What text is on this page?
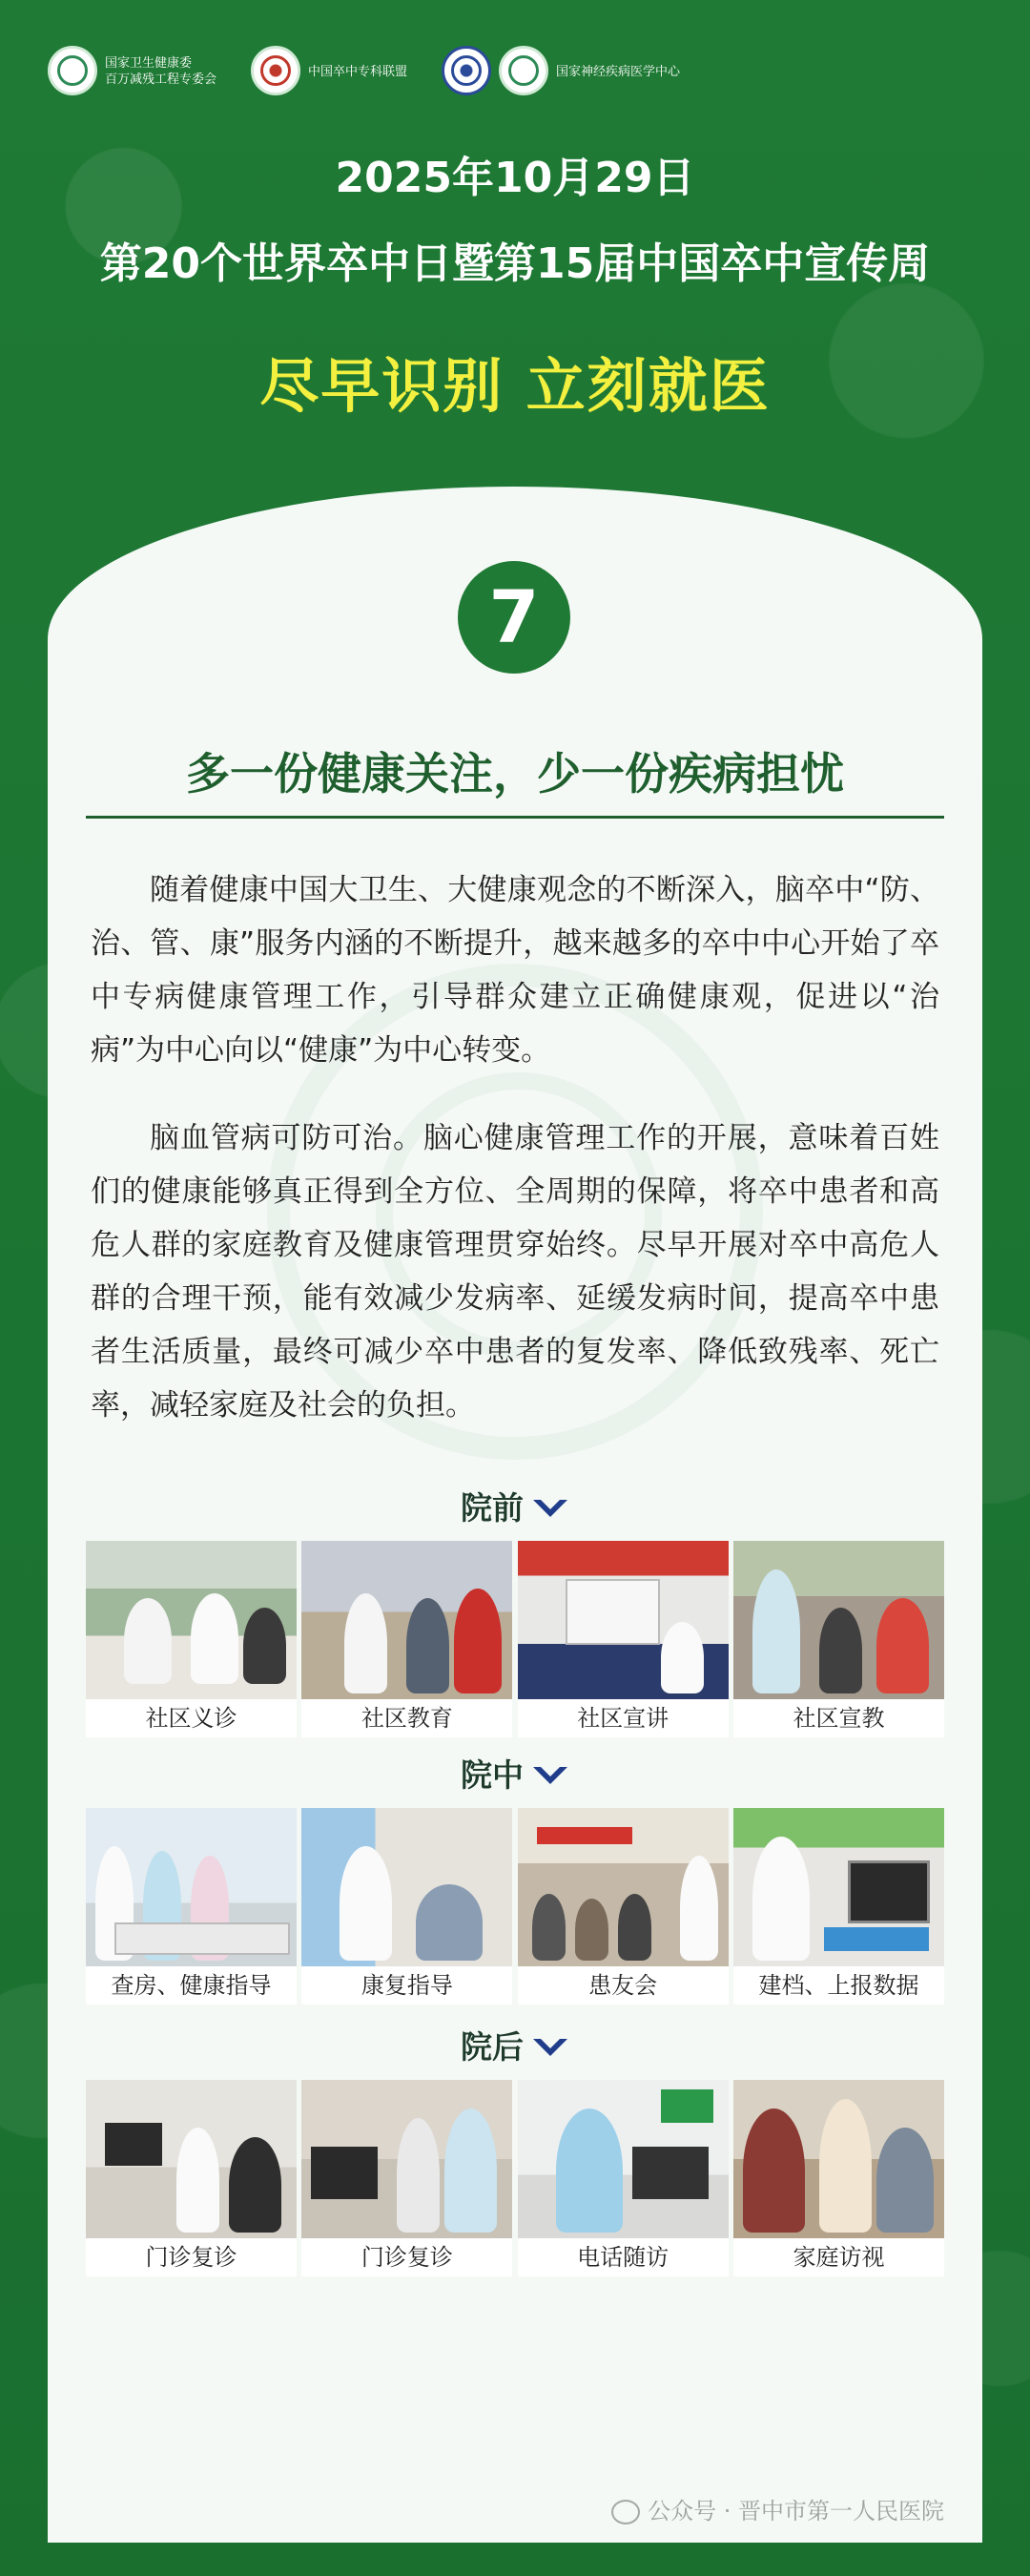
国家卫生健康委
百万减残工程专委会
中国卒中专科联盟	国家神经疾病医学中心
2025年10月29日
第20个世界卒中日暨第15届中国卒中宣传周
尽早识别 立刻就医
7
多一份健康关注，少一份疾病担忧

随着健康中国大卫生、大健康观念的不断深入，脑卒中“防、治、管、康”服务内涵的不断提升，越来越多的卒中中心开始了卒中专病健康管理工作，引导群众建立正确健康观，促进以“治病”为中心向以“健康”为中心转变。

脑血管病可防可治。脑心健康管理工作的开展，意味着百姓们的健康能够真正得到全方位、全周期的保障，将卒中患者和高危人群的家庭教育及健康管理贯穿始终。尽早开展对卒中高危人群的合理干预，能有效减少发病率、延缓发病时间，提高卒中患者生活质量，最终可减少卒中患者的复发率、降低致残率、死亡率，减轻家庭及社会的负担。

院前
社区义诊	社区教育	社区宣讲	社区宣教
院中
查房、健康指导	康复指导	患友会	建档、上报数据
院后
门诊复诊	门诊复诊	电话随访	家庭访视
公众号 · 晋中市第一人民医院
